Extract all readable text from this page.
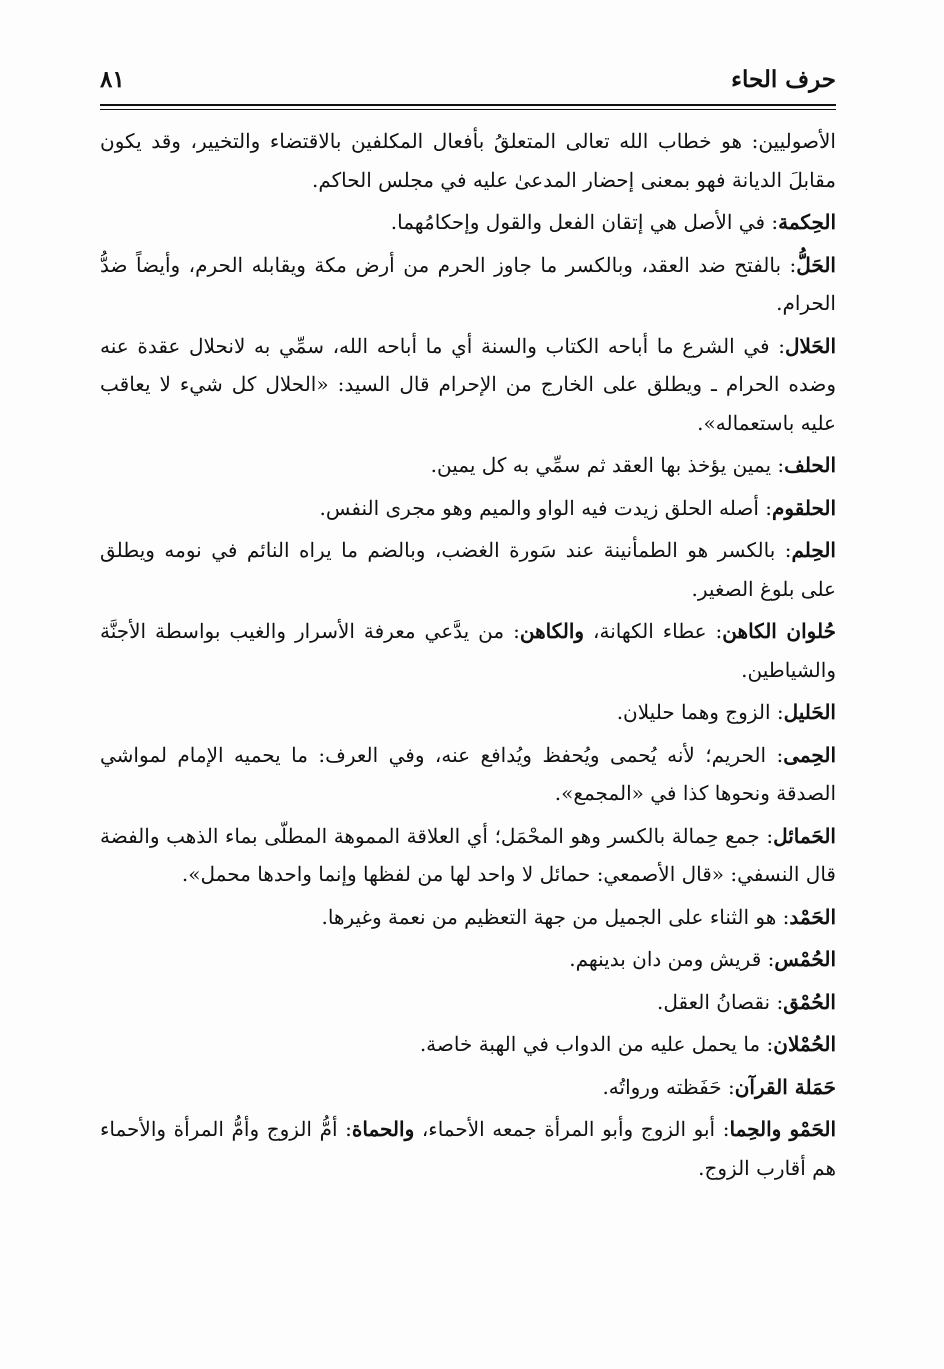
حرف الحاء
٨١

الأصوليين: هو خطاب الله تعالى المتعلقُ بأفعال المكلفين بالاقتضاء والتخيير، وقد يكون مقابلَ الديانة فهو بمعنى إحضار المدعىٰ عليه في مجلس الحاكم.

الحِكمة: في الأصل هي إتقان الفعل والقول وإحكامُهما.

الحَلُّ: بالفتح ضد العقد، وبالكسر ما جاوز الحرم من أرض مكة ويقابله الحرم، وأيضاً ضدُّ الحرام.

الحَلال: في الشرع ما أباحه الكتاب والسنة أي ما أباحه الله، سمِّي به لانحلال عقدة عنه وضده الحرام ـ ويطلق على الخارج من الإحرام قال السيد: «الحلال كل شيء لا يعاقب عليه باستعماله».

الحلف: يمين يؤخذ بها العقد ثم سمِّي به كل يمين.

الحلقوم: أصله الحلق زيدت فيه الواو والميم وهو مجرى النفس.

الحِلم: بالكسر هو الطمأنينة عند سَورة الغضب، وبالضم ما يراه النائم في نومه ويطلق على بلوغ الصغير.

حُلوان الكاهن: عطاء الكهانة، والكاهن: من يدَّعي معرفة الأسرار والغيب بواسطة الأجنَّة والشياطين.

الحَليل: الزوج وهما حليلان.

الحِمى: الحريم؛ لأنه يُحمى ويُحفظ ويُدافع عنه، وفي العرف: ما يحميه الإمام لمواشي الصدقة ونحوها كذا في «المجمع».

الحَمائل: جمع حِمالة بالكسر وهو المحْمَل؛ أي العلاقة المموهة المطلّى بماء الذهب والفضة قال النسفي: «قال الأصمعي: حمائل لا واحد لها من لفظها وإنما واحدها محمل».

الحَمْد: هو الثناء على الجميل من جهة التعظيم من نعمة وغيرها.

الحُمْس: قريش ومن دان بدينهم.

الحُمْق: نقصانُ العقل.

الحُمْلان: ما يحمل عليه من الدواب في الهبة خاصة.

حَمَلة القرآن: حَفَظته ورواتُه.

الحَمْو والحِما: أبو الزوج وأبو المرأة جمعه الأحماء، والحماة: أمُّ الزوج وأمُّ المرأة والأحماء هم أقارب الزوج.
